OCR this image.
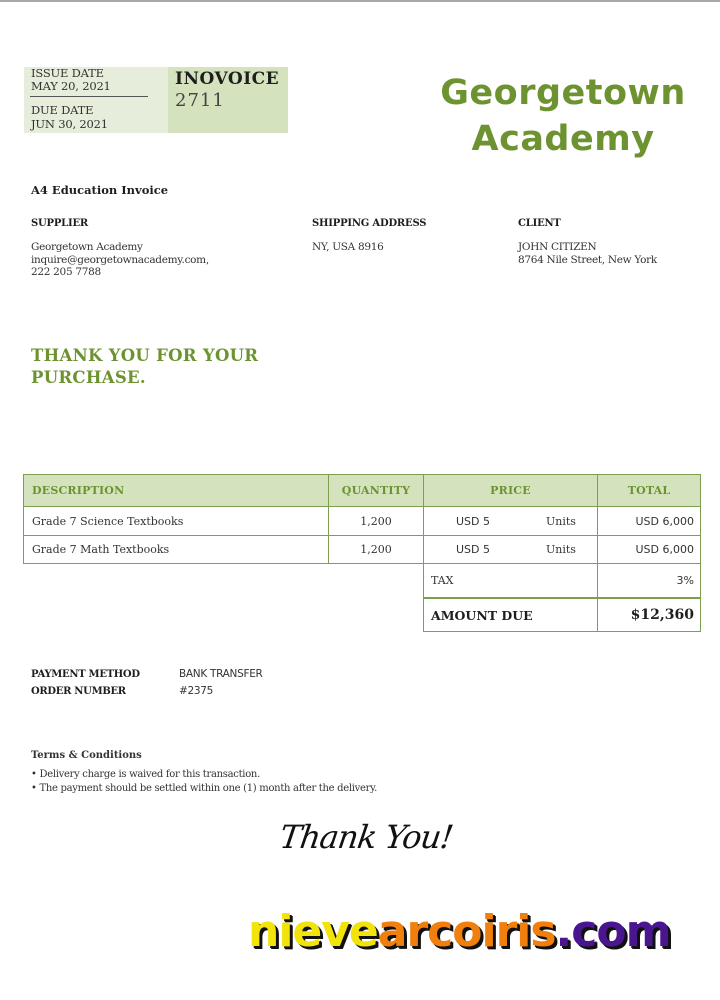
ISSUE DATE
MAY 20, 2021
DUE DATE
JUN 30, 2021
INOVOICE
2711	Georgetown
Academy
A4 Education Invoice
SUPPLIER
Georgetown Academy
inquire@georgetownacademy.com,
222 205 7788
SHIPPING ADDRESS
NY, USA 8916
CLIENT
JOHN CITIZEN
8764 Nile Street, New York
THANK YOU FOR YOUR
PURCHASE.
DESCRIPTION	QUANTITY	PRICE	TOTAL
Grade 7 Science Textbooks	1,200	USD 5	Units	USD 6,000
Grade 7 Math Textbooks	1,200	USD 5	Units	USD 6,000
TAX	3%
AMOUNT DUE	$12,360
PAYMENT METHOD	BANK TRANSFER
ORDER NUMBER	#2375
Terms & Conditions
• Delivery charge is waived for this transaction.
• The payment should be settled within one (1) month after the delivery.
Thank You!
nievearcoiris.com
